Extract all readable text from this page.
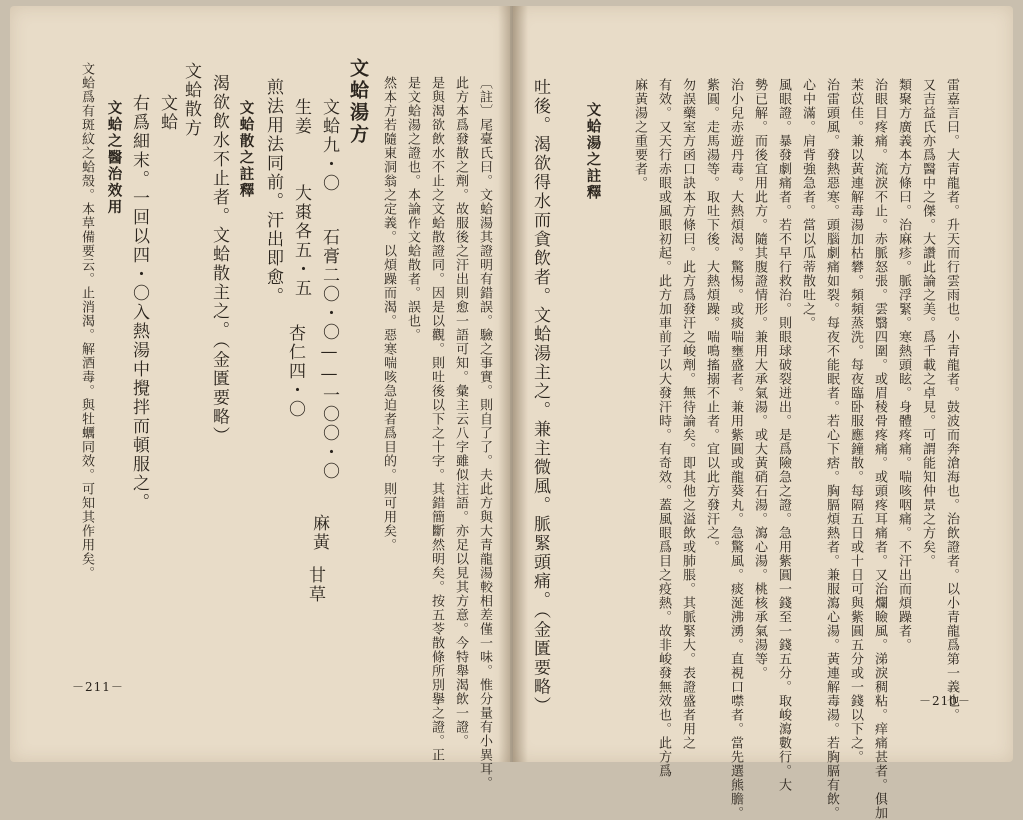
文蛤湯方
文蛤九・〇
石膏二〇・〇——一〇〇・〇
麻黃
生姜
大棗各五・五
杏仁四・〇
甘草
煎法用法同前。汗出即愈。
文蛤散之註釋
渴欲飲水不止者。文蛤散主之。（金匱要略）
文蛤散方
文蛤
右爲細末。一回以四・〇入熱湯中攪拌而頓服之。
文蛤之醫治效用
文蛤爲有斑紋之蛤殼。本草備要云。止消渴。解酒毒。與牡蠣同效。可知其作用矣。	〔註〕尾臺氏曰。文蛤湯其證明有錯誤。驗之事實。則自了了。夫此方與大青龍湯較相差僅一味。惟分量有小異耳。
此方本爲發散之劑。故服後之汗出則愈一語可知。彙主云八字雖似注語。亦足以見其方意。今特舉渴飲一證。
是與渴欲飲水不止之文蛤散證同。因是以觀。則吐後以下之十字。其錯簡斷然明矣。按五苓散條所別擧之證。正
是文蛤湯之證也。本論作文蛤散者。誤也。
然本方若隨東洞翁之定義。以煩躁而渴。惡寒喘咳急迫者爲目的。則可用矣。
－211－	雷嘉言曰。大青龍者。升天而行雲雨也。小青龍者。鼓波而奔滄海也。治飲證者。以小青龍爲第一義也。
又吉益氏亦爲醫中之傑。大讚此論之美。爲千載之卓見。可謂能知仲景之方矣。
類聚方廣義本方條曰。治麻疹。脈浮緊。寒熱頭眩。身體疼痛。喘咳咽痛。不汗出而煩躁者。
治眼目疼痛。流淚不止。赤脈怒張。雲翳四圍。或眉稜骨疼痛。或頭疼耳痛者。又治爛瞼風。涕淚稠粘。痒痛甚者。俱加
茉苡佳。兼以黃連解毒湯加枯礬。頻頻蒸洗。每夜臨卧服應鐘散。每隔五日或十日可與紫圓五分或一錢以下之。
治雷頭風。發熱惡寒。頭腦劇痛如裂。每夜不能眠者。若心下痞。胸膈煩熱者。兼服瀉心湯。黃連解毒湯。若胸膈有飲。
心中滿。肩背強急者。當以瓜蒂散吐之。
風眼證。暴發劇痛者。若不早行救治。則眼球破裂迸出。是爲險急之證。急用紫圓一錢至一錢五分。取峻瀉數行。大
勢已解。而後宜用此方。隨其腹證情形。兼用大承氣湯。或大黃硝石湯。瀉心湯。桃核承氣湯等。
治小兒赤遊丹毒。大熱煩渴。驚惕。或痰喘壅盛者。兼用紫圓或龍葵丸。急驚風。痰涎沸湧。直視口噤者。當先選熊膽。
紫圓。走馬湯等。取吐下後。大熱煩躁。喘鳴搐搦不止者。宜以此方發汗之。
勿誤藥室方函口訣本方條曰。此方爲發汗之峻劑。無待論矣。即其他之溢飲或肺脹。其脈緊大。表證盛者用之
有效。又天行赤眼或風眼初起。此方加車前子以大發汗時。有奇效。蓋風眼爲目之疫熱。故非峻發無效也。此方爲
麻黃湯之重要者。
文蛤湯之註釋
吐後。渴欲得水而貪飲者。文蛤湯主之。兼主微風。脈緊頭痛。（金匱要略）	－210－
